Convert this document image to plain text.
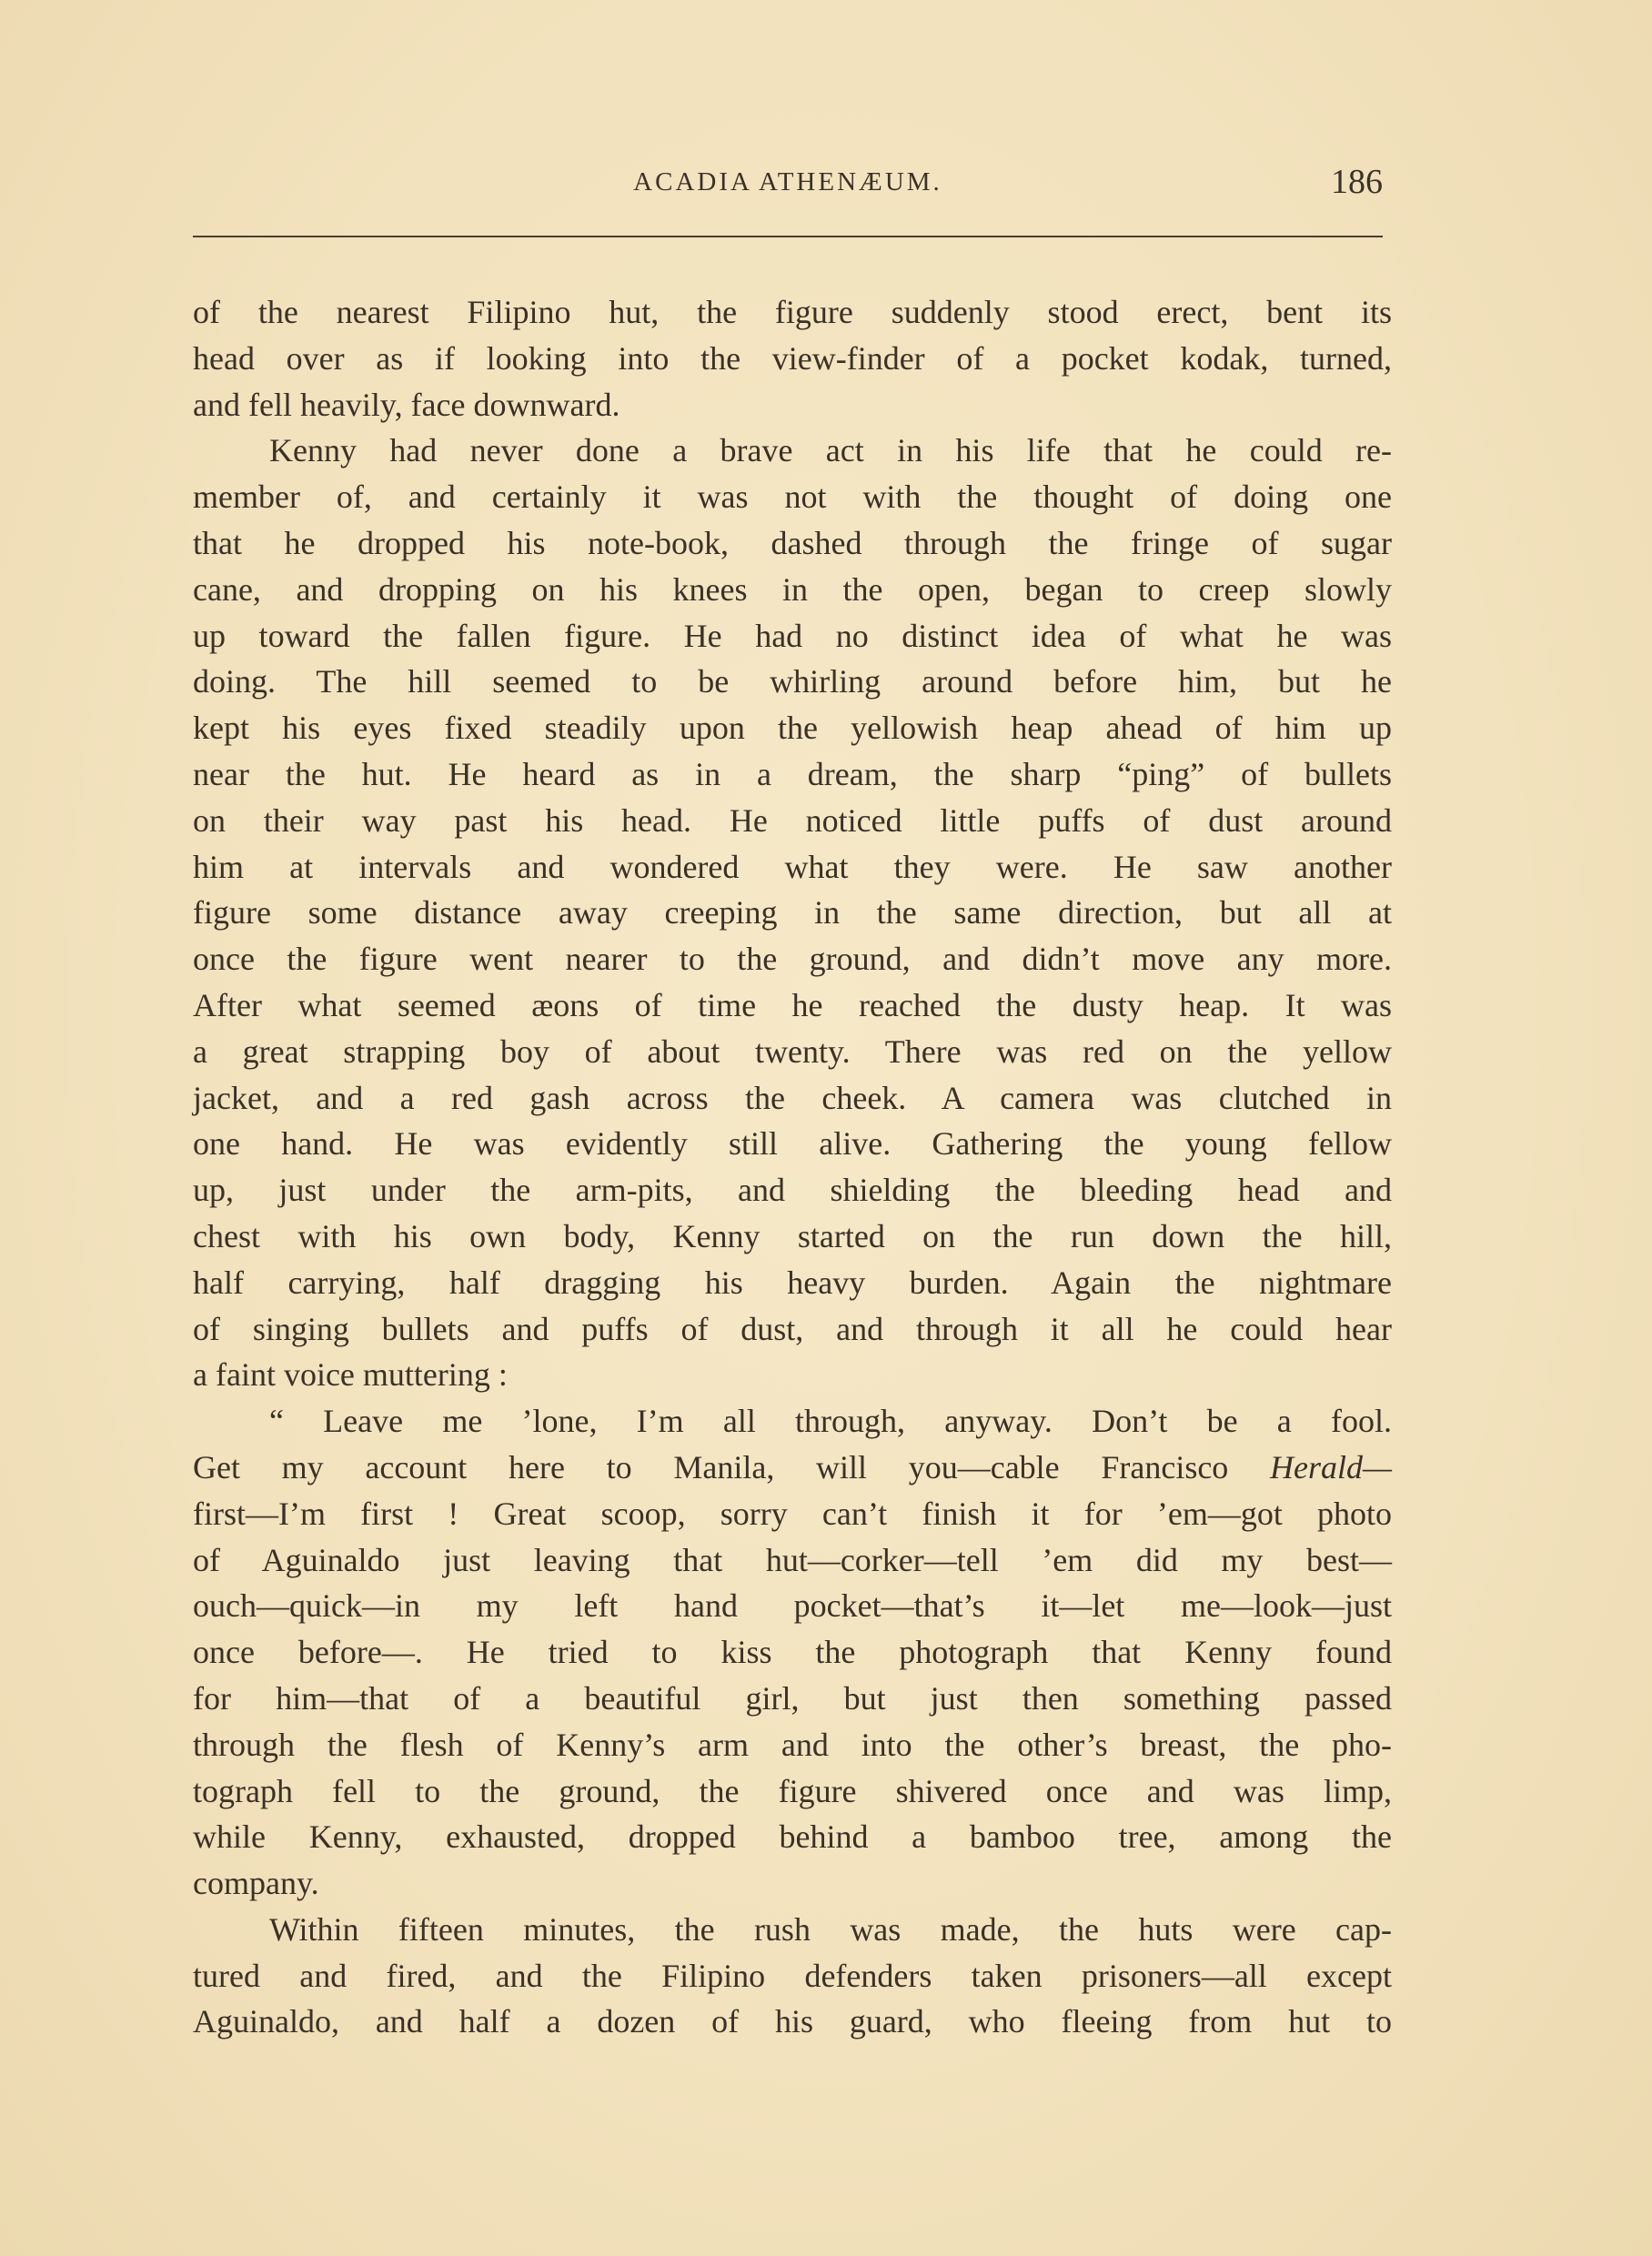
ACADIA ATHENÆUM.	186
of the nearest Filipino hut, the figure suddenly stood erect, bent its
head over as if looking into the view-finder of a pocket kodak, turned,
and fell heavily, face downward.
Kenny had never done a brave act in his life that he could re-
member of, and certainly it was not with the thought of doing one
that he dropped his note-book, dashed through the fringe of sugar
cane, and dropping on his knees in the open, began to creep slowly
up toward the fallen figure. He had no distinct idea of what he was
doing. The hill seemed to be whirling around before him, but he
kept his eyes fixed steadily upon the yellowish heap ahead of him up
near the hut. He heard as in a dream, the sharp “ping” of bullets
on their way past his head. He noticed little puffs of dust around
him at intervals and wondered what they were. He saw another
figure some distance away creeping in the same direction, but all at
once the figure went nearer to the ground, and didn’t move any more.
After what seemed æons of time he reached the dusty heap. It was
a great strapping boy of about twenty. There was red on the yellow
jacket, and a red gash across the cheek. A camera was clutched in
one hand. He was evidently still alive. Gathering the young fellow
up, just under the arm-pits, and shielding the bleeding head and
chest with his own body, Kenny started on the run down the hill,
half carrying, half dragging his heavy burden. Again the nightmare
of singing bullets and puffs of dust, and through it all he could hear
a faint voice muttering :
“ Leave me ’lone, I’m all through, anyway. Don’t be a fool.
Get my account here to Manila, will you—cable Francisco Herald—
first—I’m first ! Great scoop, sorry can’t finish it for ’em—got photo
of Aguinaldo just leaving that hut—corker—tell ’em did my best—
ouch—quick—in my left hand pocket—that’s it—let me—look—just
once before—. He tried to kiss the photograph that Kenny found
for him—that of a beautiful girl, but just then something passed
through the flesh of Kenny’s arm and into the other’s breast, the pho-
tograph fell to the ground, the figure shivered once and was limp,
while Kenny, exhausted, dropped behind a bamboo tree, among the
company.
Within fifteen minutes, the rush was made, the huts were cap-
tured and fired, and the Filipino defenders taken prisoners—all except
Aguinaldo, and half a dozen of his guard, who fleeing from hut to
